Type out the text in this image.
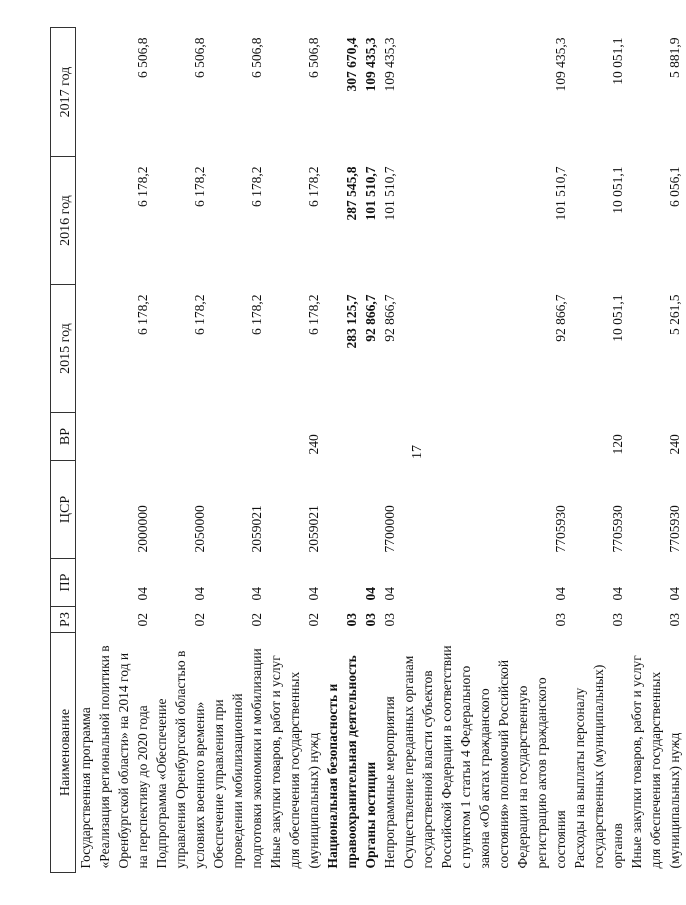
17
Наименование	РЗ	ПР	ЦСР	ВР	2015 год	2016 год	2017 год
Государственная программа «Реализация региональной политики в Оренбургской области» на 2014 год и на перспективу до 2020 года	02	04	2000000		6 178,2	6 178,2	6 506,8
Подпрограмма «Обеспечение управления Оренбургской областью в условиях военного времени»	02	04	2050000		6 178,2	6 178,2	6 506,8
Обеспечение управления при проведении мобилизационной подготовки экономики и мобилизации	02	04	2059021		6 178,2	6 178,2	6 506,8
Иные закупки товаров, работ и услуг для обеспечения государственных (муниципальных) нужд	02	04	2059021	240	6 178,2	6 178,2	6 506,8
Национальная безопасность и правоохранительная деятельность	03				283 125,7	287 545,8	307 670,4
Органы юстиции	03	04			92 866,7	101 510,7	109 435,3
Непрограммные мероприятия	03	04	7700000		92 866,7	101 510,7	109 435,3
Осуществление переданных органам государственной власти субъектов Российской Федерации в соответствии с пунктом 1 статьи 4 Федерального закона «Об актах гражданского состояния» полномочий Российской Федерации на государственную регистрацию актов гражданского состояния	03	04	7705930		92 866,7	101 510,7	109 435,3
Расходы на выплаты персоналу государственных (муниципальных) органов	03	04	7705930	120	10 051,1	10 051,1	10 051,1
Иные закупки товаров, работ и услуг для обеспечения государственных (муниципальных) нужд	03	04	7705930	240	5 261,5	6 056,1	5 881,9
